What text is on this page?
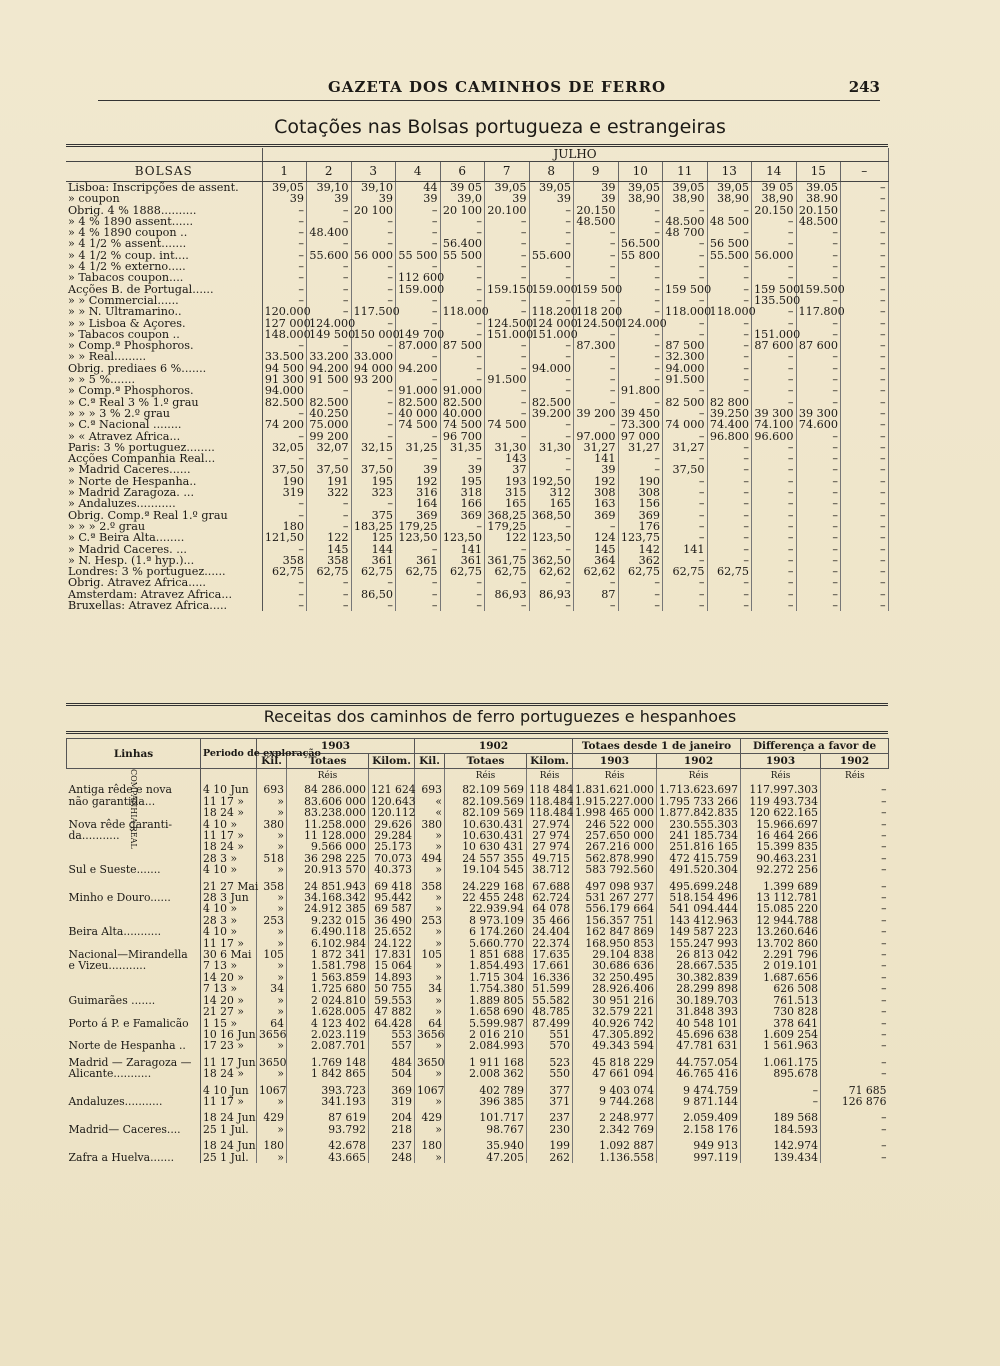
GAZETA DOS CAMINHOS DE FERRO	243
Cotações nas Bolsas portugueza e estrangeiras
	JULHO													
BOLSAS	1	2	3	4	6	7	8	9	10	11	13	14	15	–
Lisboa: Inscripções de assent.	39,05	39,10	39,10	44	39 05	39,05	39,05	39	39,05	39,05	39,05	39 05	39.05	–
» coupon	39	39	39	39	39,0	39	39	39	38,90	38,90	38,90	38,90	38.90	–
Obrig. 4 % 1888..........	–	–	20 100	–	20 100	20.100	–	20.150	–	–	–	20.150	20.150	–
» 4 % 1890 assent......	–	–	–	–	–	–	–	48.500	–	48.500	48 500	–	48.500	–
» 4 % 1890 coupon ..	–	48.400	–	–	–	–	–	–	–	48 700	–	–	–	–
» 4 1/2 % assent.......	–	–	–	–	56.400	–	–	–	56.500	–	56 500	–	–	–
» 4 1/2 % coup. int....	–	55.600	56 000	55 500	55 500	–	55.600	–	55 800	–	55.500	56.000	–	–
» 4 1/2 % externo.....	–	–	–	–	–	–	–	–	–	–	–	–	–	–
» Tabacos coupon....	–	–	–	112 600	–	–	–	–	–	–	–	–	–	–
Acções B. de Portugal......	–	–	–	159.000	–	159.150	159.000	159 500	–	159 500	–	159 500	159.500	–
» » Commercial......	–	–	–	–	–	–	–	–	–	–	–	135.500	–	–
» » N. Ultramarino..	120.000	–	117.500	–	118.000	–	118.200	118 200	–	118.000	118.000	–	117.800	–
» » Lisboa & Açores.	127 000	124.000	–	–	–	124.500	124 000	124.500	124.000	–	–	–	–	–
» Tabacos coupon ..	148.000	149 500	150 000	149 700	–	151.000	151.000	–	–	–	–	151.000	–	–
» Comp.ª Phosphoros.	–	–	–	87.000	87 500	–	–	87.300	–	87 500	–	87 600	87 600	–
» » Real.........	33.500	33.200	33.000	–	–	–	–	–	–	32.300	–	–	–	–
Obrig. prediaes 6 %.......	94 500	94.200	94 000	94.200	–	–	94.000	–	–	94.000	–	–	–	–
» » 5 %.......	91 300	91 500	93 200	–	–	91.500	–	–	–	91.500	–	–	–	–
» Comp.ª Phosphoros.	94.000	–	–	91.000	91.000	–	–	–	91.800	–	–	–	–	–
» C.ª Real 3 % 1.º grau	82.500	82.500	–	82.500	82.500	–	82.500	–	–	82 500	82 800	–	–	–
» » » 3 % 2.º grau	–	40.250	–	40 000	40.000	–	39.200	39 200	39 450	–	39.250	39 300	39 300	–
» C.ª Nacional ........	74 200	75.000	–	74 500	74 500	74 500	–	–	73.300	74 000	74.400	74.100	74.600	–
» « Atravez Africa...	–	99 200	–	–	96 700	–	–	97.000	97 000	–	96.800	96.600	–	–
Paris: 3 % portuguez........	32,05	32,07	32,15	31,25	31,35	31,30	31,30	31,27	31,27	31,27	–	–	–	–
Acções Companhia Real...	–	–	–	–	–	143	–	141	–	–	–	–	–	–
» Madrid Caceres......	37,50	37,50	37,50	39	39	37	–	39	–	37,50	–	–	–	–
» Norte de Hespanha..	190	191	195	192	195	193	192,50	192	190	–	–	–	–	–
» Madrid Zaragoza. ...	319	322	323	316	318	315	312	308	308	–	–	–	–	–
» Andaluzes...........	–	–	–	164	166	165	165	163	156	–	–	–	–	–
Obrig. Comp.ª Real 1.º grau	–	–	375	369	369	368,25	368,50	369	369	–	–	–	–	–
» » » 2.º grau	180	–	183,25	179,25	–	179,25	–	–	176	–	–	–	–	–
» C.ª Beira Alta........	121,50	122	125	123,50	123,50	122	123,50	124	123,75	–	–	–	–	–
» Madrid Caceres. ...	–	145	144	–	141	–	–	145	142	141	–	–	–	–
» N. Hesp. (1.ª hyp.)...	358	358	361	361	361	361,75	362,50	364	362	–	–	–	–	–
Londres: 3 % portuguez......	62,75	62,75	62,75	62,75	62,75	62,75	62,62	62,62	62,75	62,75	62,75	–	–	–
Obrig. Atravez Africa.....	–	–	–	–	–	–	–	–	–	–	–	–	–	–
Amsterdam: Atravez Africa...	–	–	86,50	–	–	86,93	86,93	87	–	–	–	–	–	–
Bruxellas: Atravez Africa.....	–	–	–	–	–	–	–	–	–	–	–	–	–	–
Receitas dos caminhos de ferro portuguezes e hespanhoes
Linhas	Periodo de exploração	1903			1902			Totaes desde 1 de janeiro		Differença a favor de	
		Kil.	Totaes	Kilom.	Kil.	Totaes	Kilom.	1903	1902	1903	1902
COMPANHIA REAL			Réis			Réis	Réis	Réis	Réis	Réis	Réis
Antiga rêde e nova	4 10 Jun	693	84 286.000	121 624	693	82.109 569	118 484	1.831.621.000	1.713.623.697	117.997.303	–
não garantida...	11 17 »	»	83.606 000	120.643	«	82.109.569	118.484	1.915.227.000	1.795 733 266	119 493.734	–
	18 24 »	»	83.238.000	120.112	«	82.109 569	118.484	1.998 465 000	1.877.842.835	120 622.165	–
Nova rêde garanti-	4 10 »	380	11.258.000	29.626	380	10.630.431	27.974	246 522 000	230.555.303	15.966.697	–
da...........	11 17 »	»	11 128.000	29.284	»	10.630.431	27 974	257.650 000	241 185.734	16 464 266	–
	18 24 »	»	9.566 000	25.173	»	10 630 431	27 974	267.216 000	251.816 165	15.399 835	–
	28 3 »	518	36 298 225	70.073	494	24 557 355	49.715	562.878.990	472 415.759	90.463.231	–
Sul e Sueste.......	4 10 »	»	20.913 570	40.373	»	19.104 545	38.712	583 792.560	491.520.304	92.272 256	–

	21 27 Mai	358	24 851.943	69 418	358	24.229 168	67.688	497 098 937	495.699.248	1.399 689	–
Minho e Douro......	28 3 Jun	»	34.168.342	95.442	»	22 455 248	62.724	531 267 277	518.154 496	13 112.781	–
	4 10 »	»	24.912 385	69 587	»	22.939.94	64 078	556.179 664	541 094.444	15.085 220	–
	28 3 »	253	9.232 015	36 490	253	8 973.109	35 466	156.357 751	143 412.963	12 944.788	–
Beira Alta...........	4 10 »	»	6.490.118	25.652	»	6 174.260	24.404	162 847 869	149 587 223	13.260.646	–
	11 17 »	»	6.102.984	24.122	»	5.660.770	22.374	168.950 853	155.247 993	13.702 860	–
Nacional—Mirandella	30 6 Mai	105	1 872 341	17.831	105	1 851 688	17.635	29.104 838	26 813 042	2.291 796	–
e Vizeu...........	7 13 »	»	1.581.798	15 064	»	1.854.493	17.661	30.686 636	28.667.535	2 019.101	–
	14 20 »	»	1 563.859	14.893	»	1.715 304	16.336	32 250.495	30.382.839	1.687.656	–
	7 13 »	34	1.725 680	50 755	34	1.754.380	51.599	28.926.406	28.299 898	626 508	–
Guimarães .......	14 20 »	»	2 024.810	59.553	»	1.889 805	55.582	30 951 216	30.189.703	761.513	–
	21 27 »	»	1.628.005	47 882	»	1.658 690	48.785	32.579 221	31.848 393	730 828	–
Porto á P. e Famalicão	1 15 »	64	4 123 402	64.428	64	5.599.987	87.499	40.926 742	40 548 101	378 641	–
	10 16 Jun	3656	2.023.119	553	3656	2 016 210	551	47.305.892	45.696 638	1.609 254	–
Norte de Hespanha ..	17 23 »	»	2.087.701	557	»	2.084.993	570	49.343 594	47.781 631	1 561.963	–

Madrid — Zaragoza —	11 17 Jun	3650	1.769 148	484	3650	1 911 168	523	45 818 229	44.757.054	1.061.175	–
Alicante...........	18 24 »	»	1 842 865	504	»	2.008 362	550	47 661 094	46.765 416	895.678	–

	4 10 Jun	1067	393.723	369	1067	402 789	377	9 403 074	9 474.759	–	71 685
Andaluzes...........	11 17 »	»	341.193	319	»	396 385	371	9 744.268	9 871.144	–	126 876

	18 24 Jun	429	87 619	204	429	101.717	237	2 248.977	2.059.409	189 568	–
Madrid— Caceres....	25 1 Jul.	»	93.792	218	»	98.767	230	2.342 769	2.158 176	184.593	–

	18 24 Jun	180	42.678	237	180	35.940	199	1.092 887	949 913	142.974	–
Zafra a Huelva.......	25 1 Jul.	»	43.665	248	»	47.205	262	1.136.558	997.119	139.434	–
